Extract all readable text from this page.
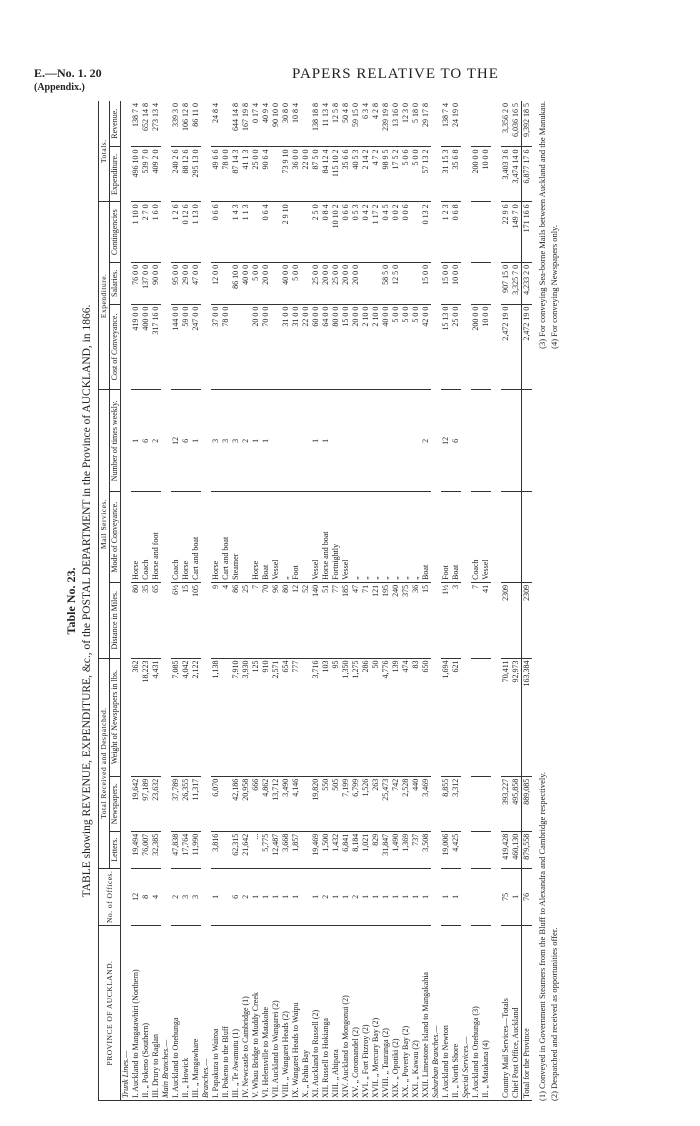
E.—No. 1. 20
(Appendix.)
PAPERS RELATIVE TO THE
Table No. 23. TABLE showing REVENUE, EXPENDITURE, &c., of the POSTAL DEPARTMENT in the Province of AUCKLAND, in 1866.
PROVINCE OF AUCKLAND.	No. of Offices.	Total Received and Despatched.			Mail Services.			Expenditure.			Totals.	
		Letters.	Newspapers.	Weight of Newspapers in lbs.	Distance in Miles.	Mode of Conveyance.	Number of times weekly.	Cost of Conveyance.	Salaries.	Contingencies	Expenditure.	Revenue.
Trunk Lines.—												
I. Auckland to Mangatawhiri (Northern)	12	19,494	19,642	362	80	Horse	1	419 0 0	76 0 0	1 10 0	496 10 0	138 7 4
II. „ Pokeno (Southern)	8	76,007	97,189	18,223	35	Coach	6	400 0 0	137 0 0	2 7 0	539 7 0	652 14 8
III. Drury to Raglan	4	32,385	23,632	4,431	65	Horse and foot	2	317 16 0	90 0 0	1 6 0	409 2 0	273 13 4
Main Branches.—												
I. Auckland to Onehunga	2	47,838	37,789	7,085	6½	Coach	12	144 0 0	95 0 0	1 2 6	240 2 6	339 3 0
II. „ Howick	3	17,764	26,355	4,042	15	Horse	6	59 0 0	29 0 0	0 12 6	88 12 6	106 12 8
III. „ Mangawhare	3	11,990	11,317	2,122	105	Cart and boat	1	247 0 0	47 0 0	1 13 0	295 13 0	86 11 0
Branches.—												
I. Papakura to Wairoa	1	3,816	6,070	1,138	9	Horse	3	37 0 0	12 0 0	0 6 6	49 6 6	24 8 4
II. Pokeno to the Bluff					4	Cart and boat	3	78 0 0			78 0 0	
III. „ Te Awamutu (1)	6	62,315	42,186	7,910	86	Steamer	3		86 10 0	1 4 3	87 14 3	644 14 8
IV. Newcastle to Cambridge (1)	2	21,642	20,958	3,930	25		2		40 0 0	1 1 3	41 1 3	167 19 8
V. Whau Bridge to Muddy Creek	1	...	666	125	7	Horse	1	20 0 0	5 0 0		25 0 0	0 17 4
VI. Helensville to Matakohe	1	5,775	4,862	910	70	Boat	1	70 0 0	20 0 0	0 6 4	90 6 4	40 9 4
VII. Auckland to Wangarei (2)	1	12,487	13,712	2,571	96	Vessel						90 10 0
VIII. „ Wangarei Heads (2)	1	3,668	3,490	654	80	„		31 0 0	40 0 0	2 9 10	73 9 10	30 8 0
IX. Wangarei Heads to Waipu	1	1,857	4,146	777	12	Foot		31 0 0	5 0 0		36 0 0	10 8 4
X. „ Pahia Bay					52			22 0 0			22 0 0	
XI. Auckland to Russell (2)	1	19,469	19,820	3,716	140	Vessel	1	60 0 0	25 0 0	2 5 0	87 5 0	138 18 8
XII. Russell to Hokianga	2	1,500	550	103	51	Horse and boat	1	64 0 0	20 0 0	0 8 4	84 12 4	11 13 4
XIII. „ Ahipara	1	1,432	505	95	77	Fortnightly		80 0 0	25 0 0	10 10 2	115 10 2	12 5 8
XIV. Auckland to Mongonui (2)	1	6,841	7,199	1,350	185	Vessel		15 0 0	20 0 0	0 6 6	35 6 6	50 4 8
XV. „ Coromandel (2)	2	8,184	6,799	1,275	47	„		20 0 0	20 0 0	0 5 3	40 5 3	59 15 0
XVI. „ Fort Fitzroy (2)	1	1,021	1,526	286	71	„		2 10 0		0 4 2	2 14 2	6 3 4
XVII. „ Mercury Bay (2)	1	829	263	50	121	„		2 10 0		1 17 2	4 7 2	4 2 8
XVIII. „ Tauranga (2)	1	31,847	25,473	4,776	195	„		40 0 0	58 5 0	0 4 5	98 9 5	239 19 8
XIX. „ Opotiki (2)	1	1,490	742	139	240	„		5 0 0	12 5 0	0 0 2	17 5 2	13 16 0
XX. „ Poverty Bay (2)	1	1,369	2,528	474	375	„		5 0 0		0 0 6	5 0 6	12 3 0
XXI. „ Kawau (2)	1	737	440	83	36	„		5 0 0			5 0 0	5 18 0
XXII. Limestone Island to Mangakahia	1	3,508	3,469	650	15	Boat	2	42 0 0	15 0 0	0 13 2	57 13 2	29 17 8
Suburban Branches.—												
I. Auckland to Newton	1	19,006	8,855	1,694	1½	Foot	12	15 13 0	15 0 0	1 2 3	31 15 3	138 7 4
II. „ North Shore	1	4,425	3,312	621	3	Boat	6	25 0 0	10 0 0	0 6 8	35 6 8	24 19 0
Special Services.—												
I. Auckland to Onehunga (3)					7	Coach		200 0 0			200 0 0	
II. „ Matakana (4)					41	Vessel		10 0 0			10 0 0	

Country Mail Services—Totals	75	419,428	393,227	70,411	2309			2,472 19 0	907 15 0	22 9 6	3,403 3 6	3,356 2 0
Chief Post Office, Auckland	1	460,130	495,858	92,973					3,325 7 0	149 7 0	3,474 14 0	6,036 16 5
Total for the Province	76	879,558	889,085	163,384	2309			2,472 19 0	4,233 2 0	171 16 6	6,877 17 6	9,392 18 5
(1) Conveyed in Government Steamers from the Bluff to Alexandra and Cambridge respectively. (2) Despatched and received as opportunities offer.
(3) For conveying Sea-borne Mails between Auckland and the Manukau. (4) For conveying Newspapers only.
